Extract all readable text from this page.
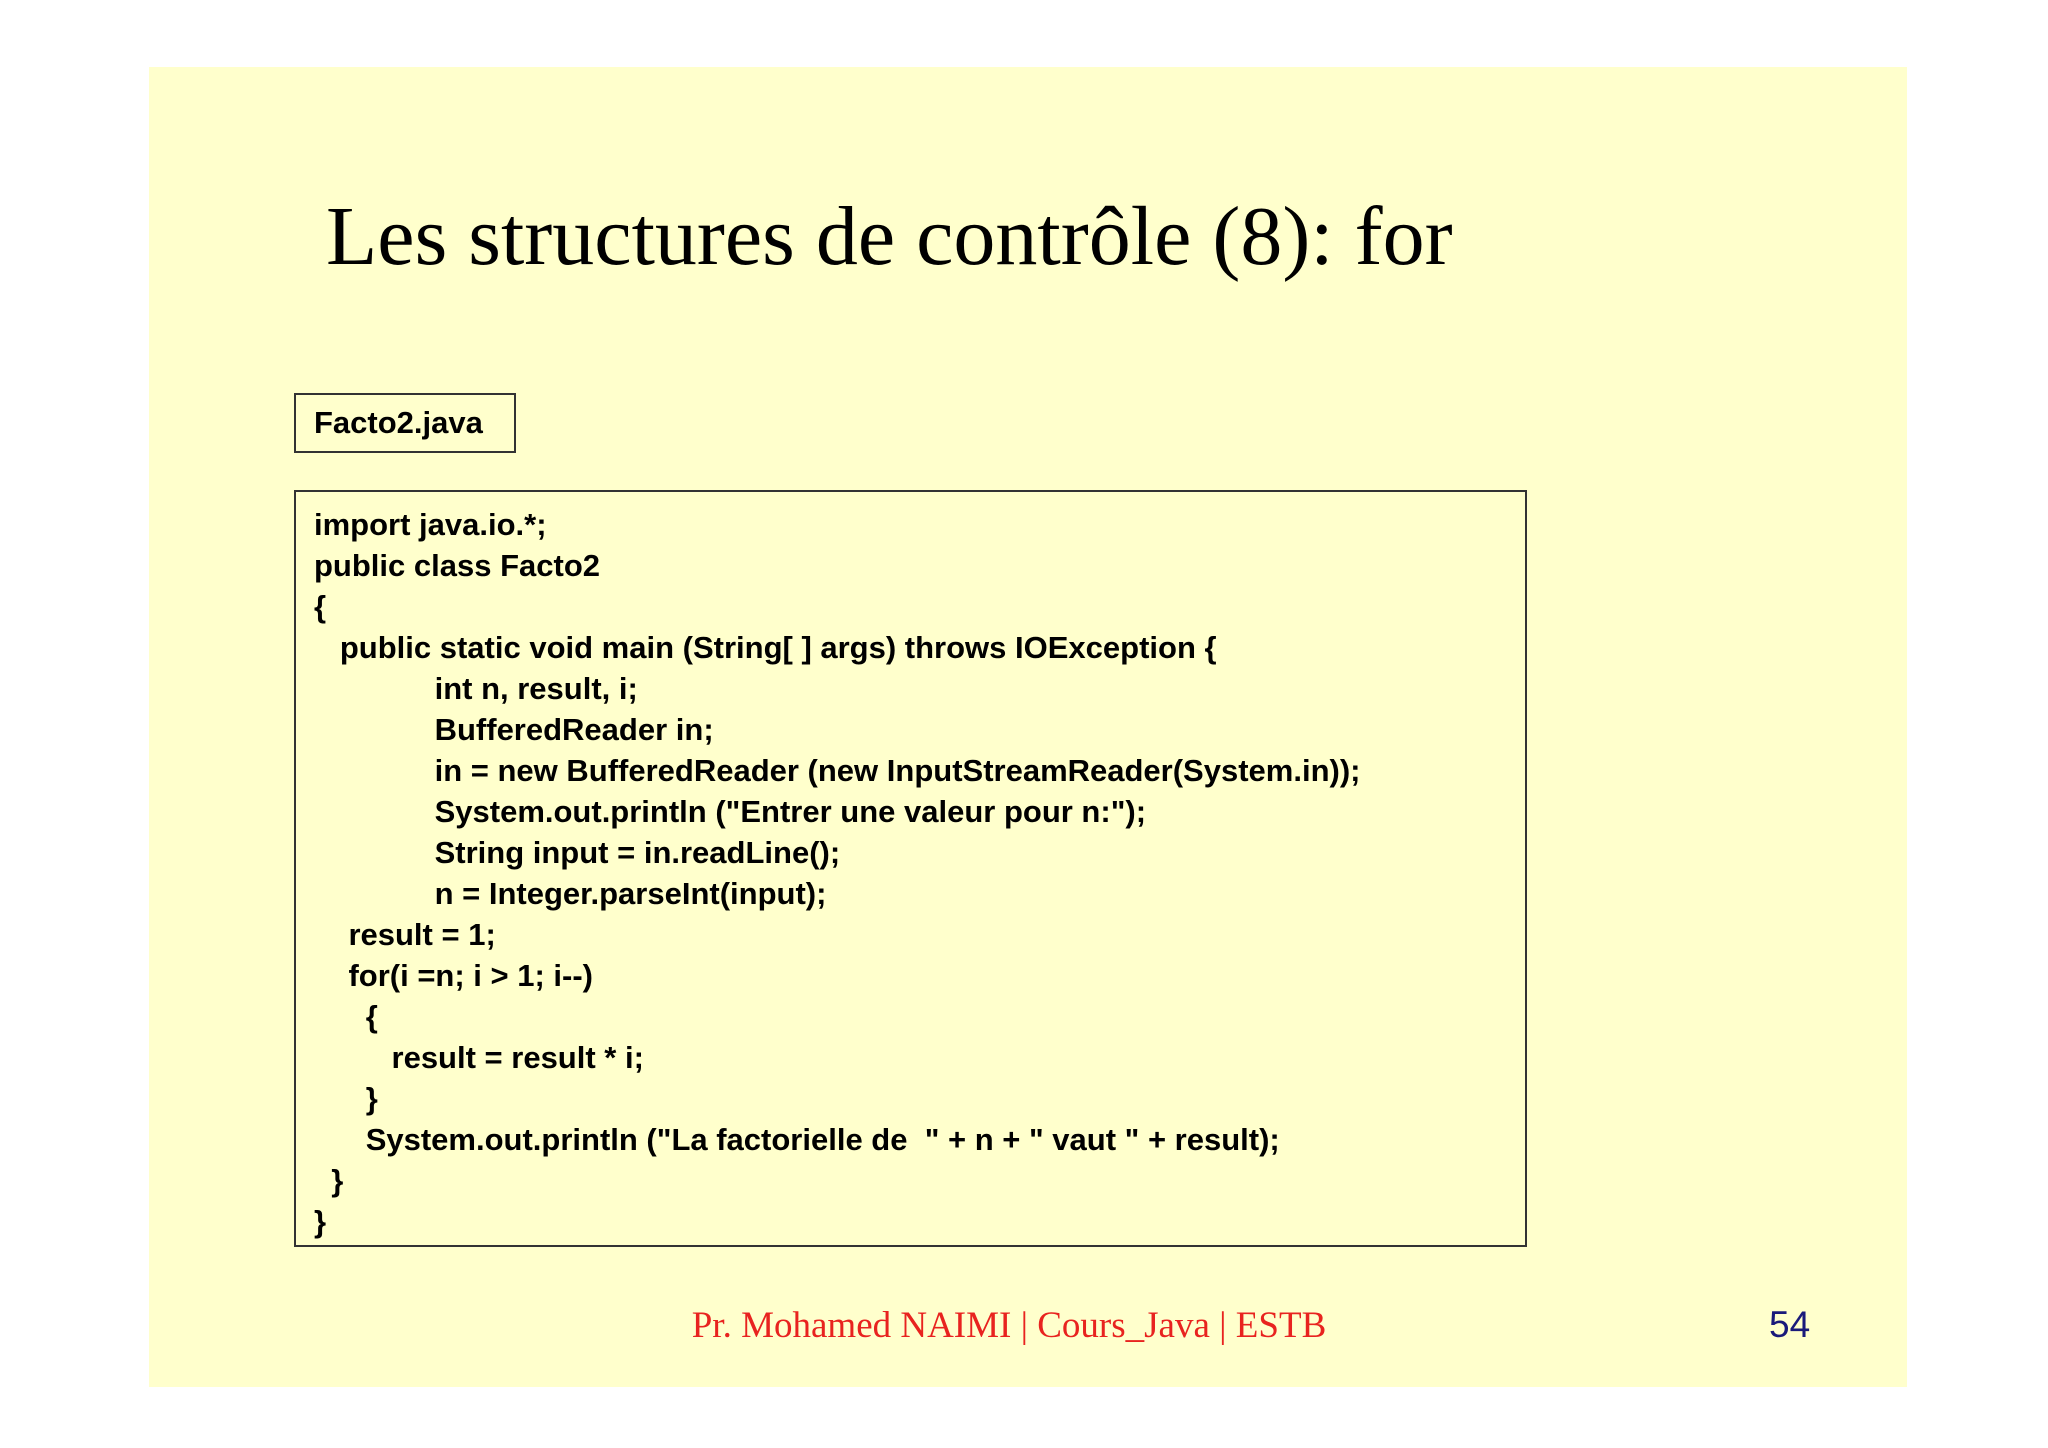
Les structures de contrôle (8): for
Facto2.java
import java.io.*;
public class Facto2
{
public static void main (String[ ] args) throws IOException {
int n, result, i;
BufferedReader in;
in = new BufferedReader (new InputStreamReader(System.in));
System.out.println ("Entrer une valeur pour n:");
String input = in.readLine();
n = Integer.parseInt(input);
result = 1;
for(i =n; i > 1; i--)
{
result = result * i;
}
System.out.println ("La factorielle de  " + n + " vaut " + result);
}
}
Pr. Mohamed NAIMI | Cours_Java | ESTB	54
